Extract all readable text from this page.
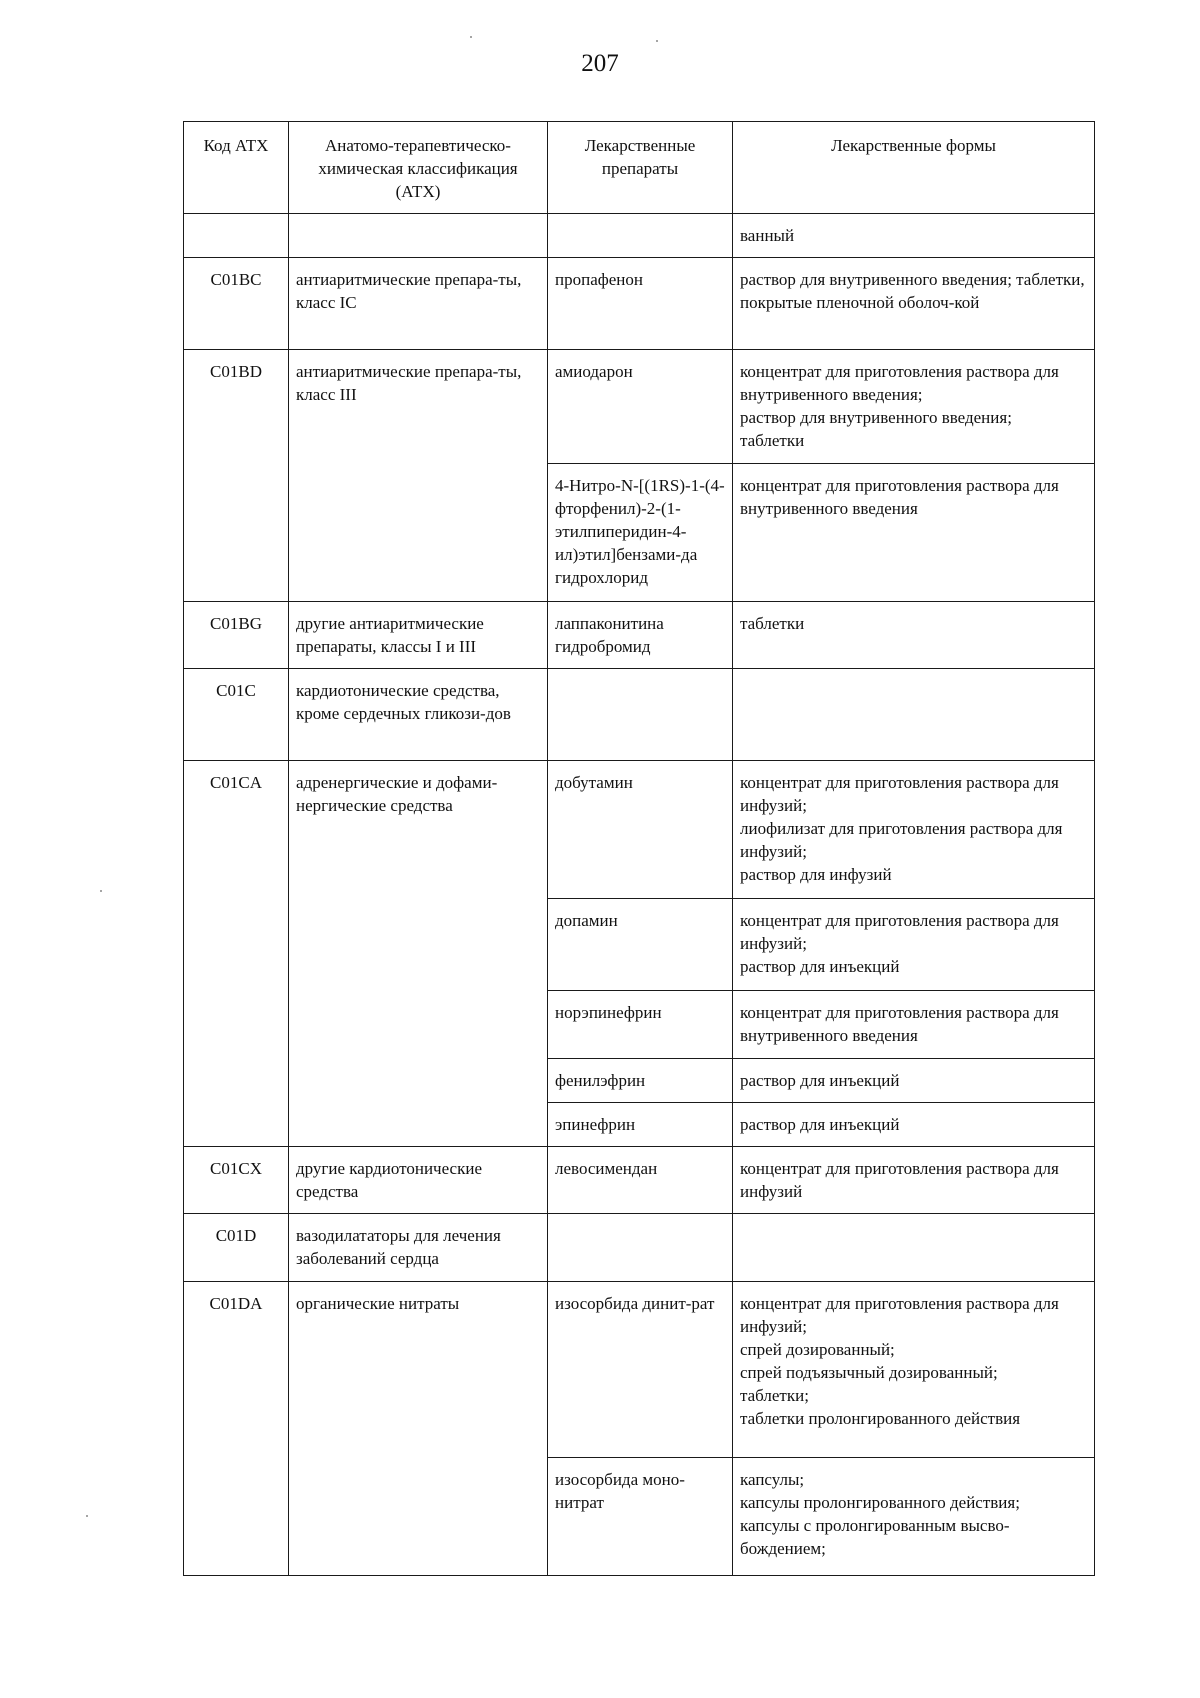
207
Код АТХ	Анатомо-терапевтическо-химическая классификация (АТХ)	Лекарственные препараты	Лекарственные формы
			ванный
C01BC	антиаритмические препара-ты, класс IC	пропафенон	раствор для внутривенного введения; таблетки, покрытые пленочной оболоч-кой
C01BD	антиаритмические препара-ты, класс III	амиодарон	концентрат для приготовления раствора для внутривенного введения;
раствор для внутривенного введения;
таблетки
		4-Нитро-N-[(1RS)-1-(4-фторфенил)-2-(1-этилпиперидин-4-ил)этил]бензами-да гидрохлорид	концентрат для приготовления раствора для внутривенного введения
C01BG	другие антиаритмические препараты, классы I и III	лаппаконитина гидробромид	таблетки
C01C	кардиотонические средства, кроме сердечных гликози-дов		
C01CA	адренергические и дофами-нергические средства	добутамин	концентрат для приготовления раствора для инфузий;
лиофилизат для приготовления раствора для инфузий;
раствор для инфузий
		допамин	концентрат для приготовления раствора для инфузий;
раствор для инъекций
		норэпинефрин	концентрат для приготовления раствора для внутривенного введения
		фенилэфрин	раствор для инъекций
		эпинефрин	раствор для инъекций
C01CX	другие кардиотонические средства	левосимендан	концентрат для приготовления раствора для инфузий
C01D	вазодилататоры для лечения заболеваний сердца		
C01DA	органические нитраты	изосорбида динит-рат	концентрат для приготовления раствора для инфузий;
спрей дозированный;
спрей подъязычный дозированный;
таблетки;
таблетки пролонгированного действия
		изосорбида моно-нитрат	капсулы;
капсулы пролонгированного действия;
капсулы с пролонгированным высво-бождением;
